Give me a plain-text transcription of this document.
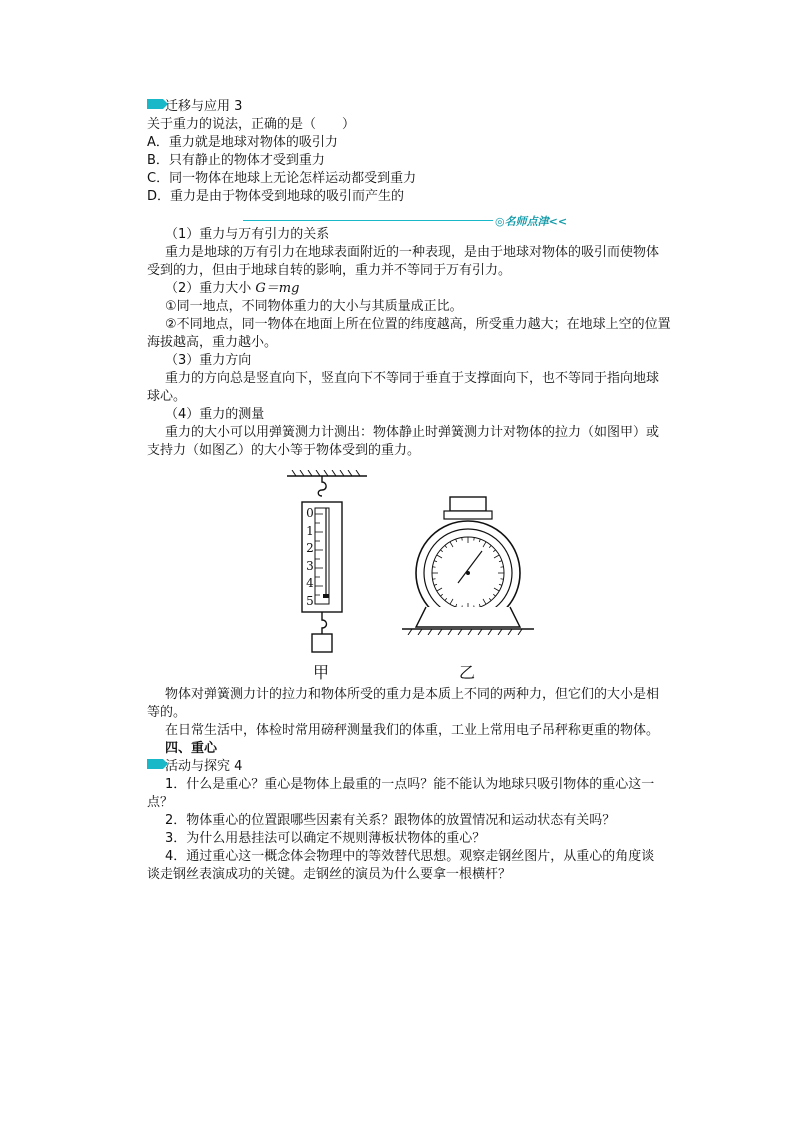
迁移与应用 3
关于重力的说法，正确的是（　　）
A．重力就是地球对物体的吸引力
B．只有静止的物体才受到重力
C．同一物体在地球上无论怎样运动都受到重力
D．重力是由于物体受到地球的吸引而产生的
◎名师点津<<
（1）重力与万有引力的关系
重力是地球的万有引力在地球表面附近的一种表现，是由于地球对物体的吸引而使物体
受到的力，但由于地球自转的影响，重力并不等同于万有引力。
（2）重力大小 G＝mg
①同一地点，不同物体重力的大小与其质量成正比。
②不同地点，同一物体在地面上所在位置的纬度越高，所受重力越大；在地球上空的位置
海拔越高，重力越小。
（3）重力方向
重力的方向总是竖直向下，竖直向下不等同于垂直于支撑面向下，也不等同于指向地球
球心。
（4）重力的测量
重力的大小可以用弹簧测力计测出：物体静止时弹簧测力计对物体的拉力（如图甲）或
支持力（如图乙）的大小等于物体受到的重力。
0
1
2
3
4
5
甲	乙
物体对弹簧测力计的拉力和物体所受的重力是本质上不同的两种力，但它们的大小是相
等的。
在日常生活中，体检时常用磅秤测量我们的体重，工业上常用电子吊秤称更重的物体。
四、重心
活动与探究 4
1．什么是重心？重心是物体上最重的一点吗？能不能认为地球只吸引物体的重心这一
点？
2．物体重心的位置跟哪些因素有关系？跟物体的放置情况和运动状态有关吗？
3．为什么用悬挂法可以确定不规则薄板状物体的重心？
4．通过重心这一概念体会物理中的等效替代思想。观察走钢丝图片，从重心的角度谈
谈走钢丝表演成功的关键。走钢丝的演员为什么要拿一根横杆？
